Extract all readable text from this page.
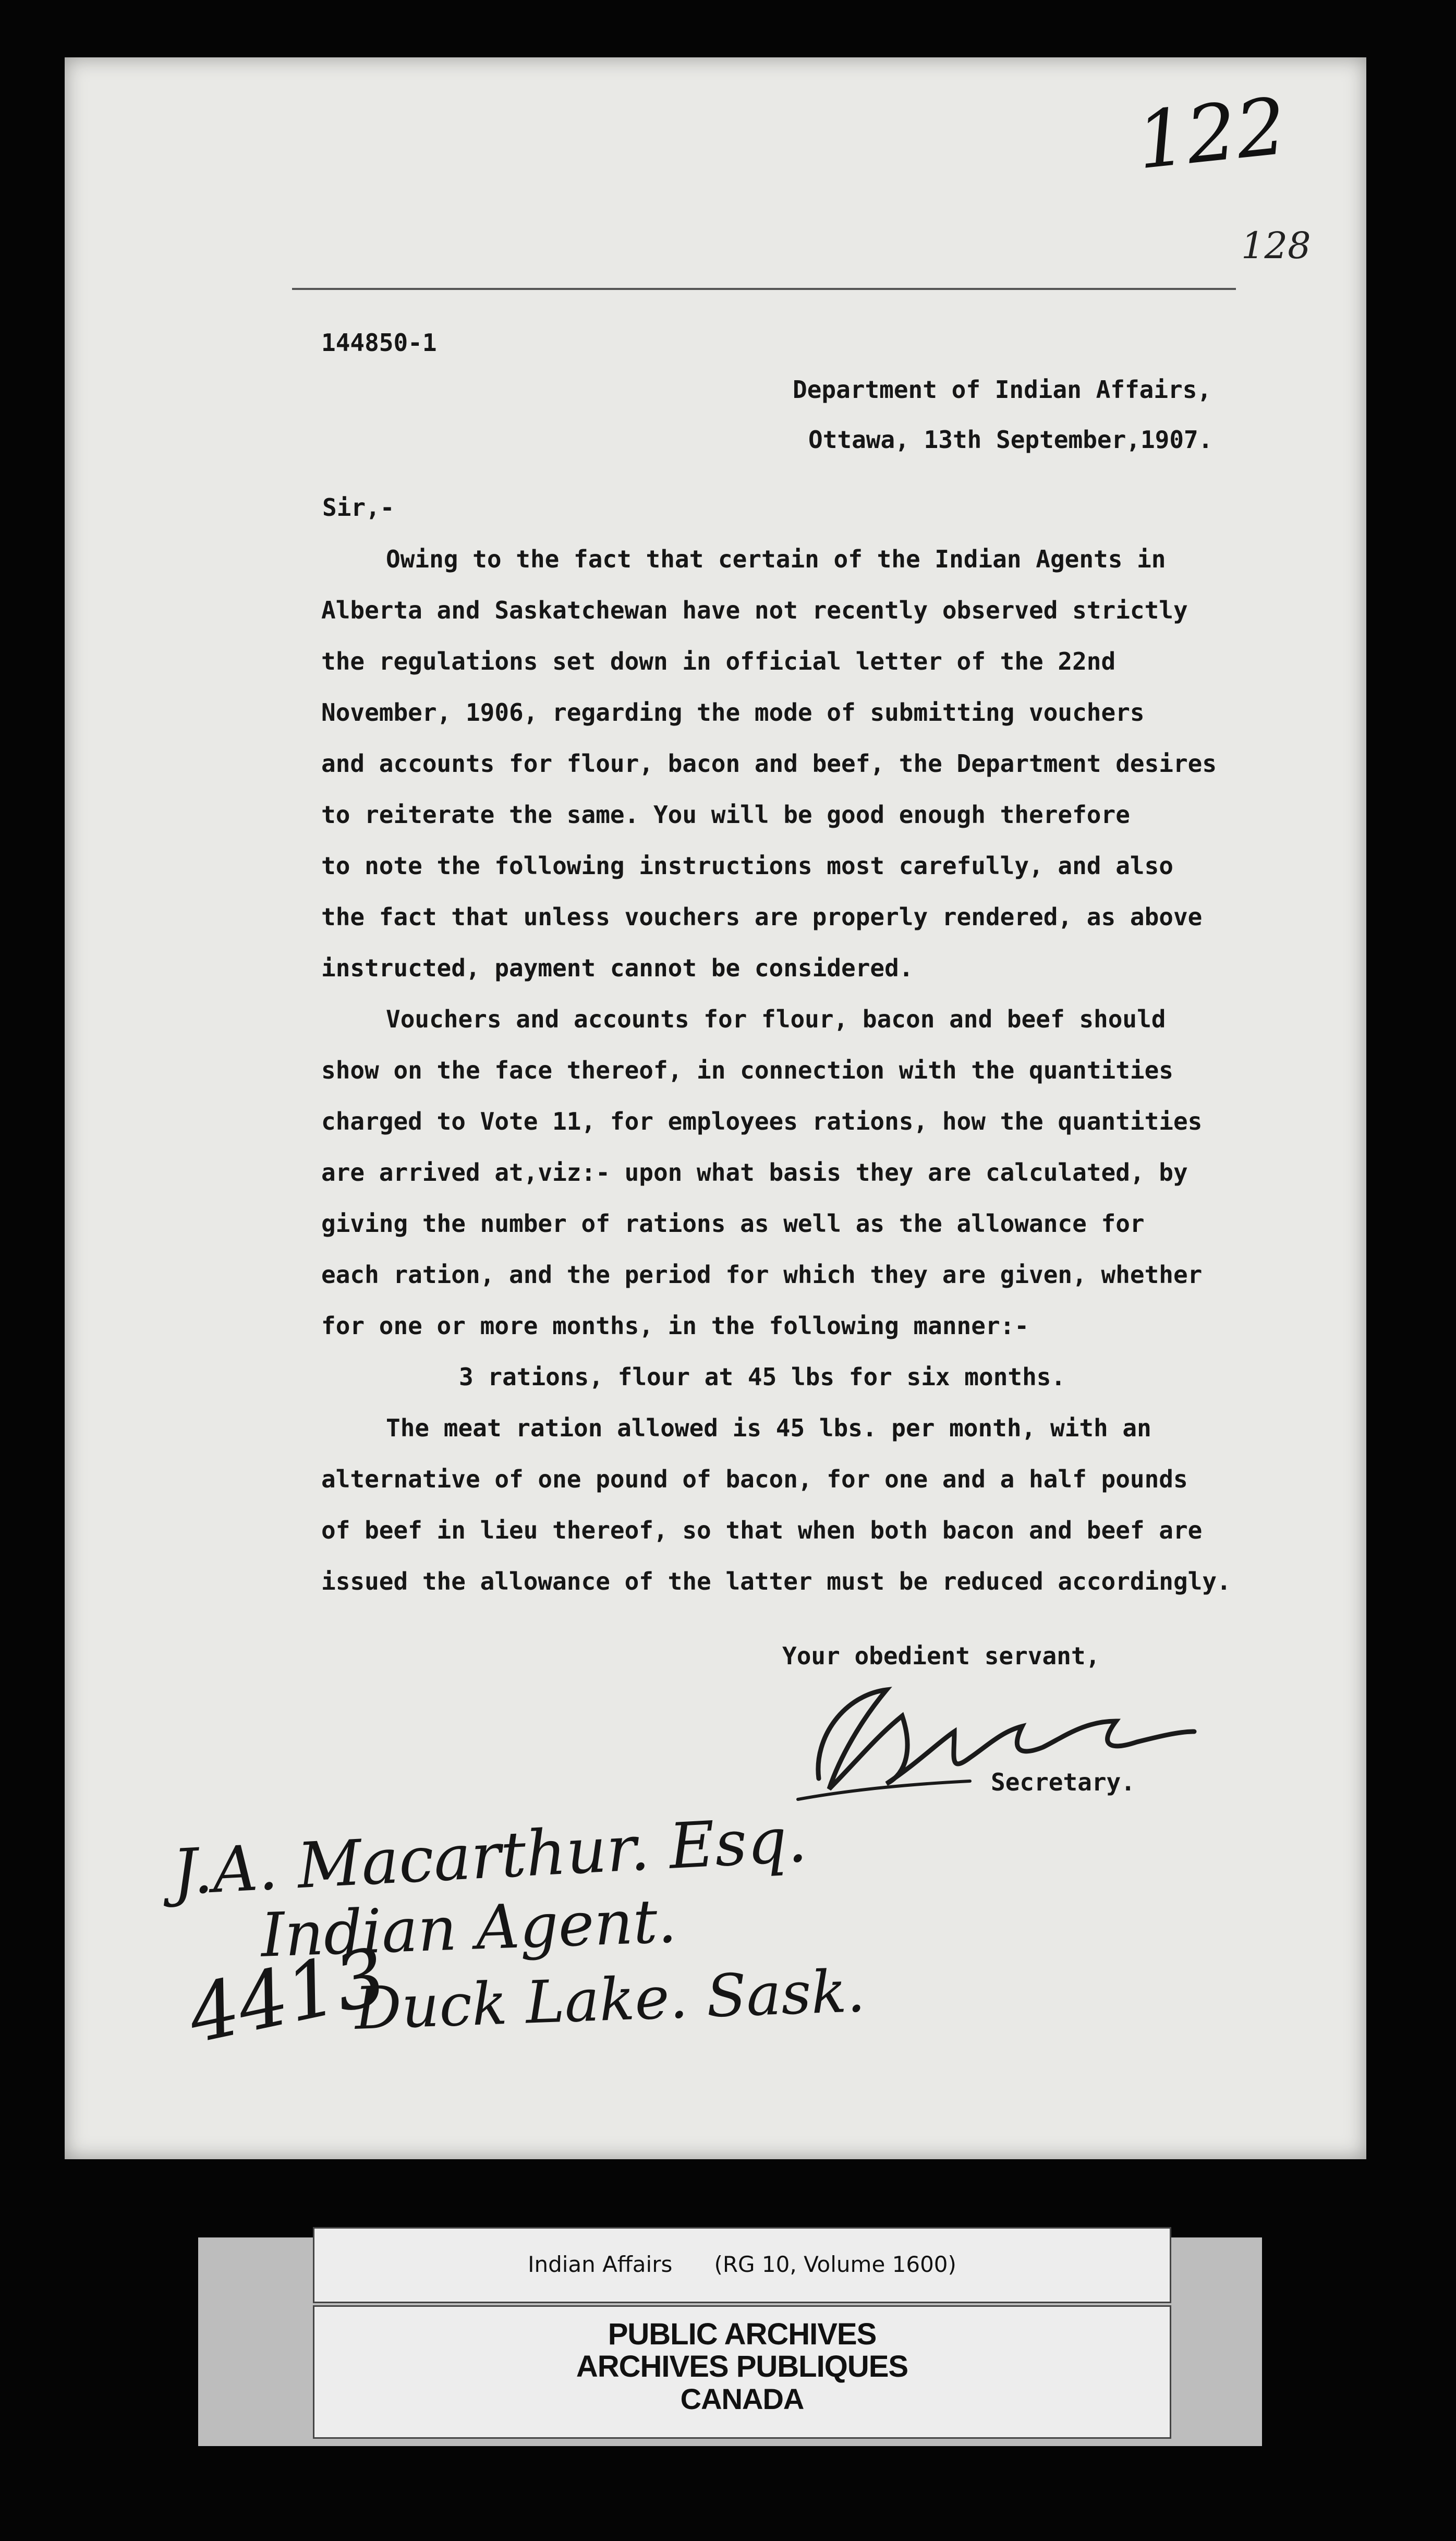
122
128
144850-1
Department of Indian Affairs,
Ottawa, 13th September,1907.
Sir,-
Owing to the fact that certain of the Indian Agents in
Alberta and Saskatchewan have not recently observed strictly
the regulations set down in official letter of the 22nd
November, 1906, regarding the mode of submitting vouchers
and accounts for flour, bacon and beef, the Department desires
to reiterate the same. You will be good enough therefore
to note the following instructions most carefully, and also
the fact that unless vouchers are properly rendered, as above
instructed, payment cannot be considered.
Vouchers and accounts for flour, bacon and beef should
show on the face thereof, in connection with the quantities
charged to Vote 11, for employees rations, how the quantities
are arrived at,viz:- upon what basis they are calculated, by
giving the number of rations as well as the allowance for
each ration, and the period for which they are given, whether
for one or more months, in the following manner:-
3 rations, flour at 45 lbs for six months.
The meat ration allowed is 45 lbs. per month, with an
alternative of one pound of bacon, for one and a half pounds
of beef in lieu thereof, so that when both bacon and beef are
issued the allowance of the latter must be reduced accordingly.
Your obedient servant,
Secretary.
J.A. Macarthur. Esq.
Indian Agent.
Duck Lake. Sask.
4413
Indian Affairs      (RG 10, Volume 1600)
PUBLIC ARCHIVES
ARCHIVES PUBLIQUES
CANADA
